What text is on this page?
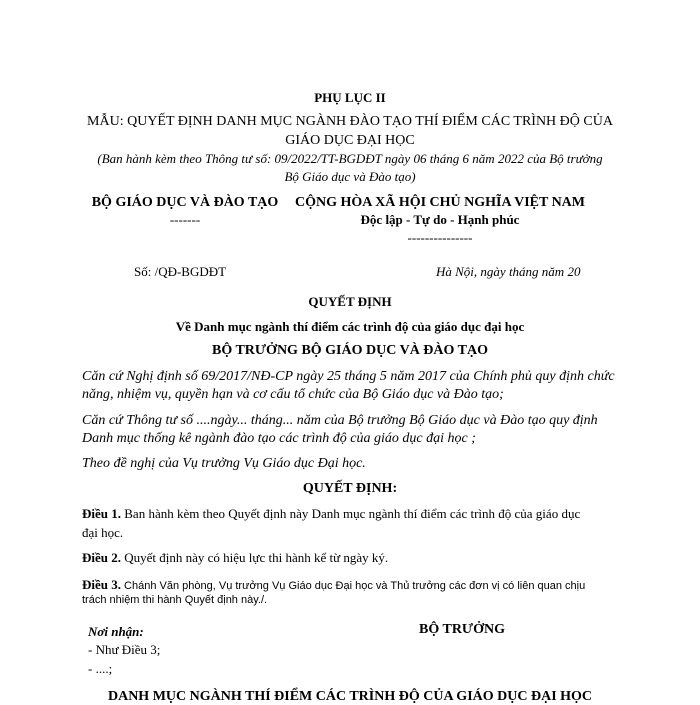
PHỤ LỤC II
MẪU: QUYẾT ĐỊNH DANH MỤC NGÀNH ĐÀO TẠO THÍ ĐIỂM CÁC TRÌNH ĐỘ CỦA
GIÁO DỤC ĐẠI HỌC
(Ban hành kèm theo Thông tư số: 09/2022/TT-BGDĐT ngày 06 tháng 6 năm 2022 của Bộ trưởng
Bộ Giáo dục và Đào tạo)
BỘ GIÁO DỤC VÀ ĐÀO TẠO
-------
CỘNG HÒA XÃ HỘI CHỦ NGHĨA VIỆT NAM
Độc lập - Tự do - Hạnh phúc
---------------
Số: /QĐ-BGDĐT	Hà Nội, ngày tháng năm 20
QUYẾT ĐỊNH
Về Danh mục ngành thí điểm các trình độ của giáo dục đại học
BỘ TRƯỞNG BỘ GIÁO DỤC VÀ ĐÀO TẠO
Căn cứ Nghị định số 69/2017/NĐ-CP ngày 25 tháng 5 năm 2017 của Chính phủ quy định chức
năng, nhiệm vụ, quyền hạn và cơ cấu tổ chức của Bộ Giáo dục và Đào tạo;
Căn cứ Thông tư số ....ngày... tháng... năm của Bộ trưởng Bộ Giáo dục và Đào tạo quy định
Danh mục thống kê ngành đào tạo các trình độ của giáo dục đại học ;
Theo đề nghị của Vụ trưởng Vụ Giáo dục Đại học.
QUYẾT ĐỊNH:
Điều 1. Ban hành kèm theo Quyết định này Danh mục ngành thí điểm các trình độ của giáo dục
đại học.
Điều 2. Quyết định này có hiệu lực thi hành kể từ ngày ký.
Điều 3. Chánh Văn phòng, Vụ trưởng Vụ Giáo dục Đại học và Thủ trưởng các đơn vị có liên quan chịu
trách nhiệm thi hành Quyết định này./.
Nơi nhận:
- Như Điều 3;
- ....;
BỘ TRƯỞNG
DANH MỤC NGÀNH THÍ ĐIỂM CÁC TRÌNH ĐỘ CỦA GIÁO DỤC ĐẠI HỌC
